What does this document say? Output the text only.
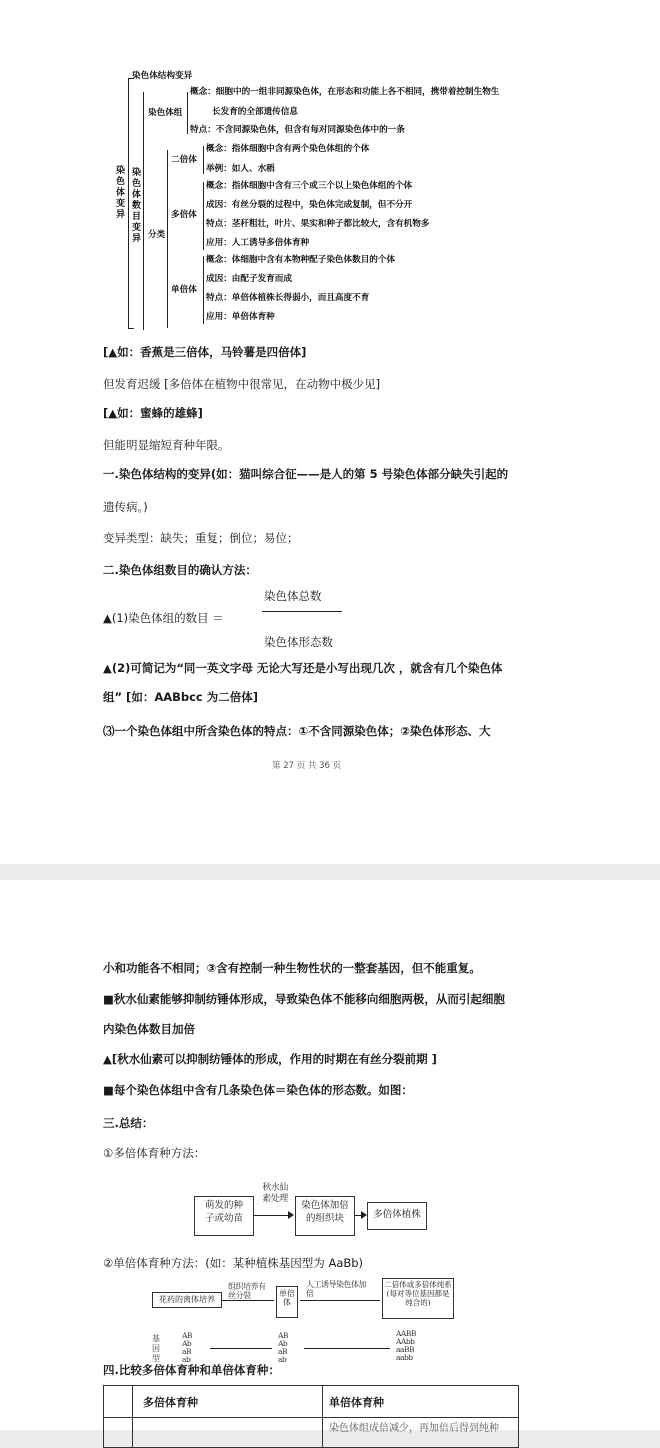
染色体变异
染色体结构变异
染色体数目变异
染色体组
概念：细胞中的一组非同源染色体，在形态和功能上各不相同，携带着控制生物生
长发育的全部遗传信息
特点：不含同源染色体，但含有每对同源染色体中的一条
分类
二倍体
概念：指体细胞中含有两个染色体组的个体
举例：如人、水稻
多倍体
概念：指体细胞中含有三个或三个以上染色体组的个体
成因：有丝分裂的过程中，染色体完成复制，但不分开
特点：茎秆粗壮，叶片、果实和种子都比较大，含有机物多
应用：人工诱导多倍体育种
单倍体
概念：体细胞中含有本物种配子染色体数目的个体
成因：由配子发育而成
特点：单倍体植株长得弱小，而且高度不育
应用：单倍体育种
[▲如：香蕉是三倍体，马铃薯是四倍体]
但发育迟缓 [多倍体在植物中很常见，在动物中极少见]
[▲如：蜜蜂的雄蜂]
但能明显缩短育种年限。
一.染色体结构的变异(如：猫叫综合征——是人的第 5 号染色体部分缺失引起的
遗传病。)
变异类型：缺失；重复；倒位；易位；
二.染色体组数目的确认方法：
染色体总数
▲(1)染色体组的数目 ＝
染色体形态数
▲(2)可简记为“同一英文字母 无论大写还是小写出现几次 ，就含有几个染色体
组” [如：AABbcc 为二倍体]
⑶一个染色体组中所含染色体的特点：①不含同源染色体；②染色体形态、大
第 27 页 共 36 页
小和功能各不相同；③含有控制一种生物性状的一整套基因，但不能重复。
■秋水仙素能够抑制纺锤体形成，导致染色体不能移向细胞两极，从而引起细胞
内染色体数目加倍
▲[秋水仙素可以抑制纺锤体的形成，作用的时期在有丝分裂前期 ]
■每个染色体组中含有几条染色体＝染色体的形态数。如图：
三.总结：
①多倍体育种方法：
萌发的种
子或幼苗
秋水仙
素处理
染色体加倍
的组织块	多倍体植株
②单倍体育种方法：(如：某种植株基因型为 AaBb)
花药的离体培养
组织培养有丝分裂	单倍体
人工诱导染色体加倍
二倍体或多倍体纯系(每对等位基因都是纯合的)
基因型
AB
Ab
aB
ab
AB
Ab
aB
ab
AABB
AAbb
aaBB
aabb
四.比较多倍体育种和单倍体育种：
	多倍体育种	单倍体育种
		染色体组成倍减少，再加倍后得到纯种
